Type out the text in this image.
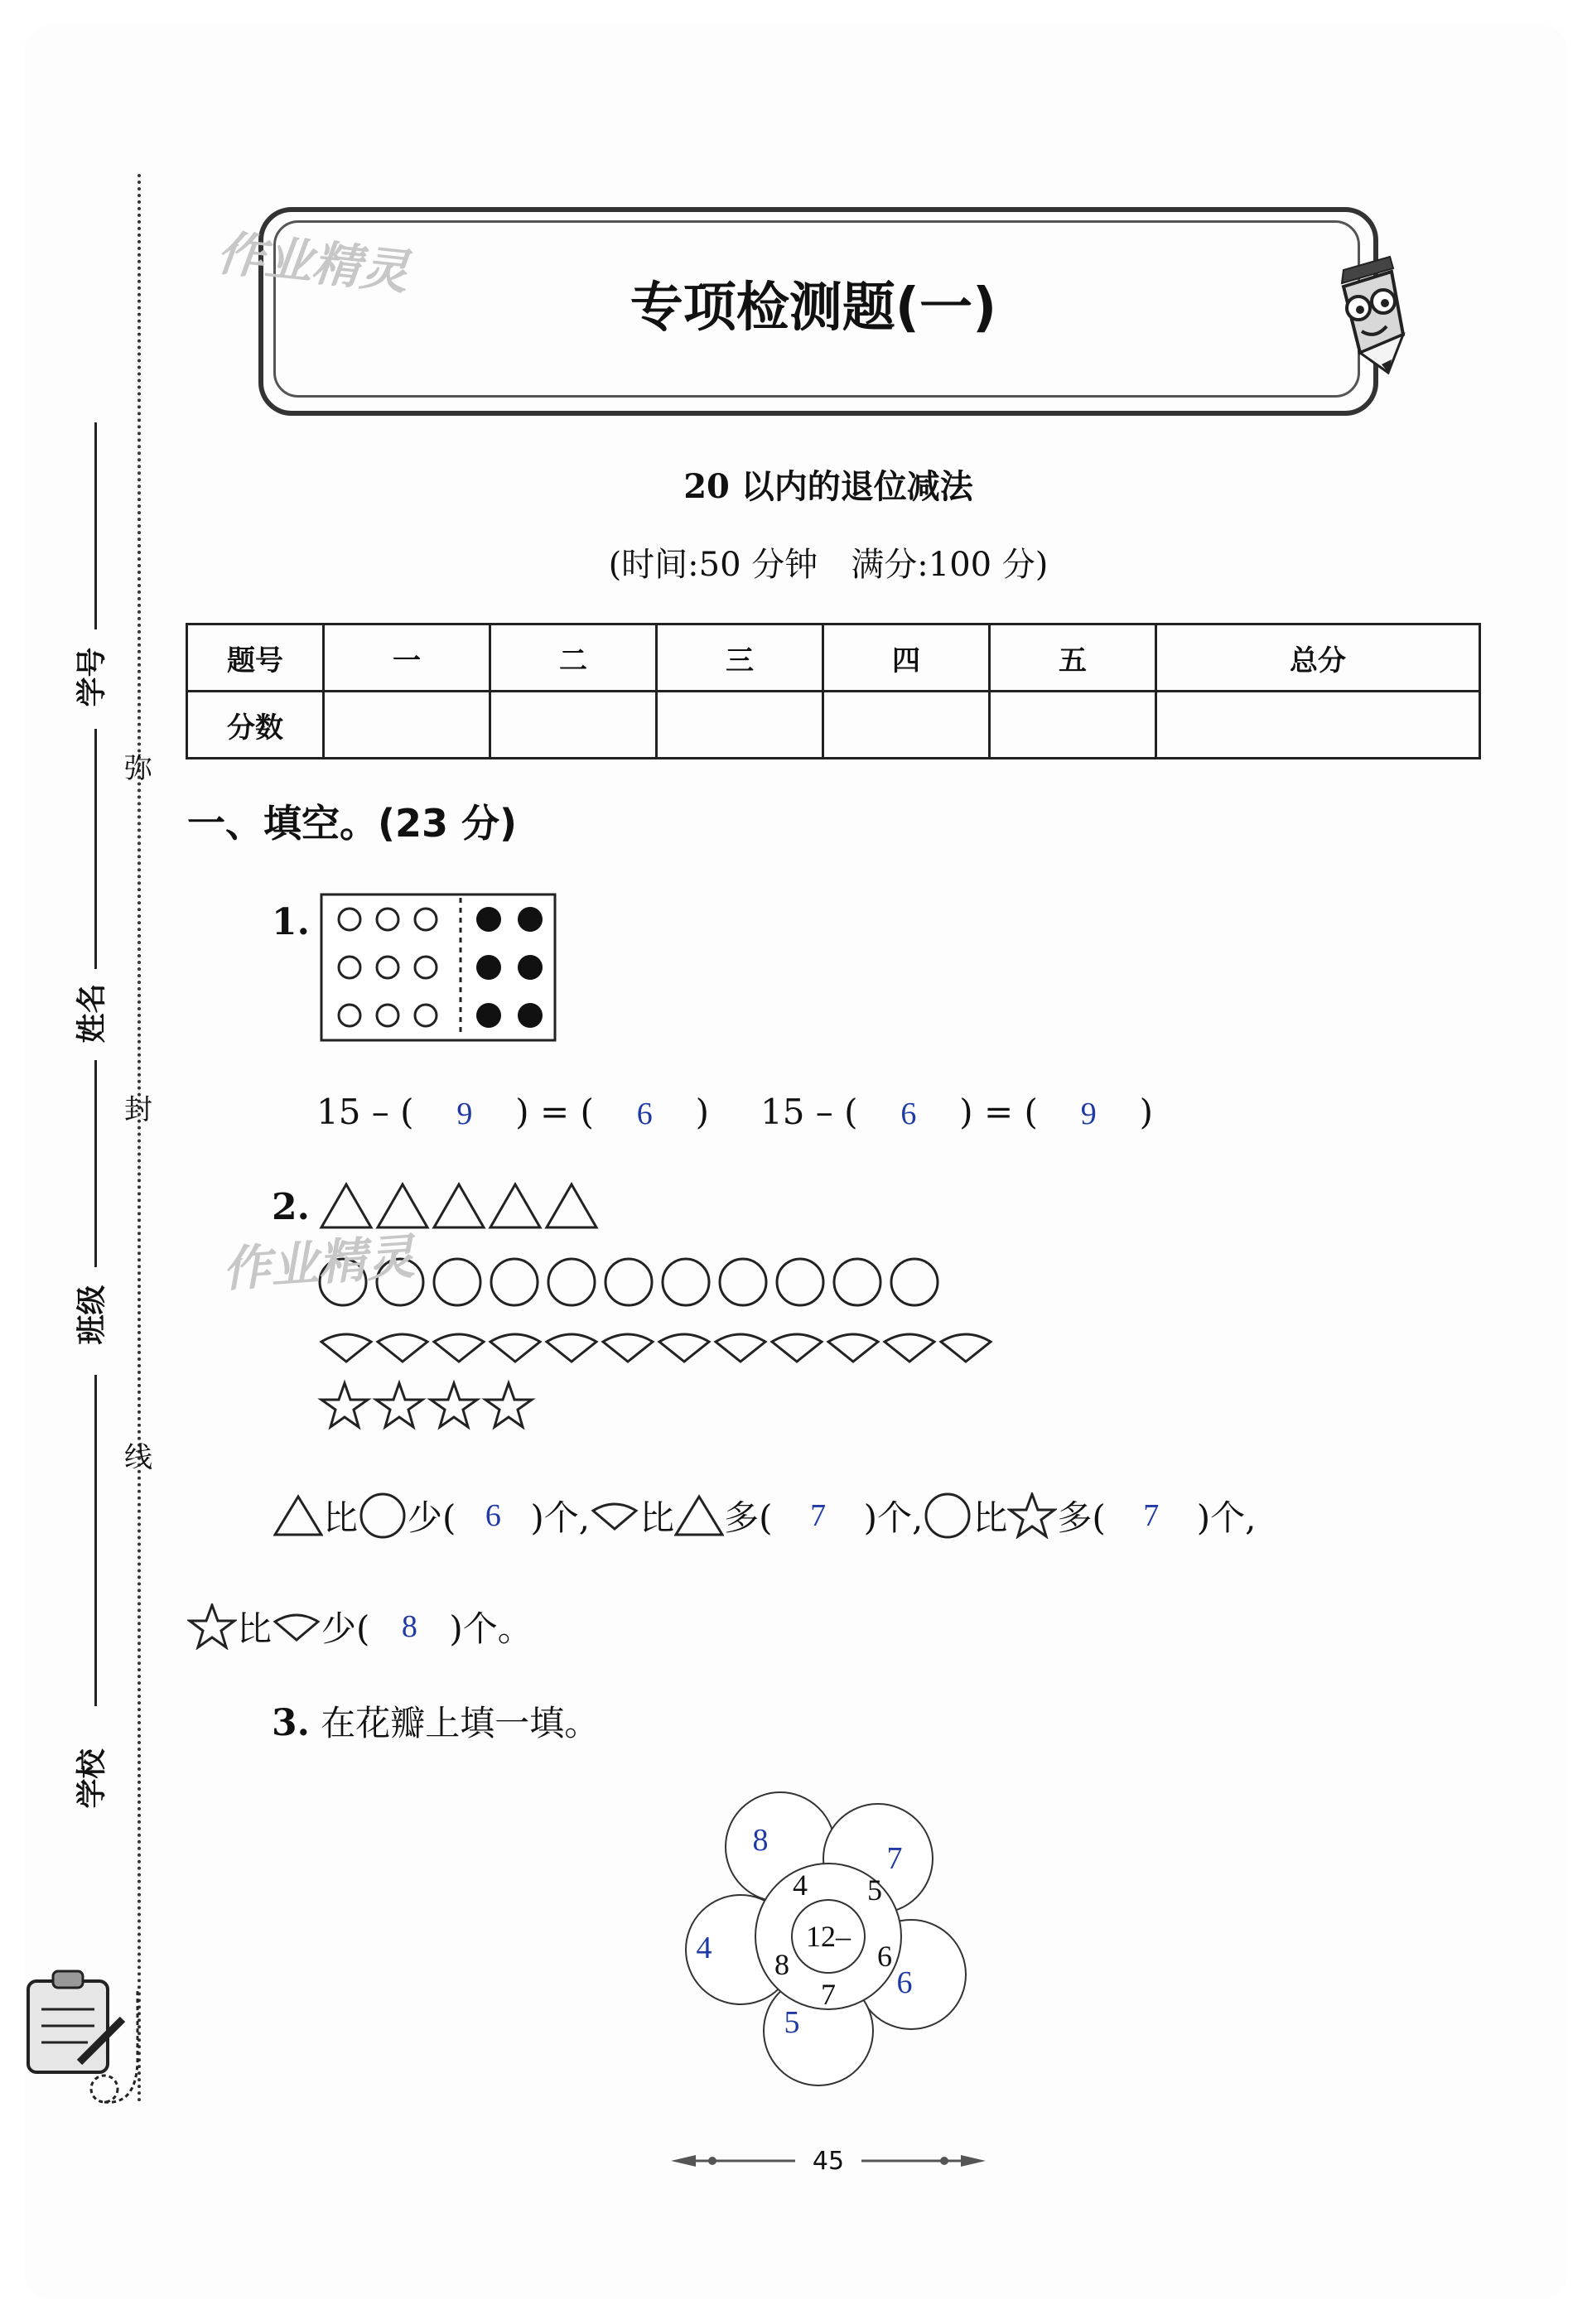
学号
姓名
班级
学校
弥
封
线
专项检测题(一)
作业精灵
20 以内的退位减法
(时间:50 分钟　满分:100 分)
题号	一	二	三	四	五	总分
分数						
一、填空。(23 分)
1.
15 – ( 9 ) = ( 6 ) 15 – ( 6 ) = ( 9 )
2.
作业精灵
比 少( 6 )个, 比 多(	7	)个, 比 多(	7	)个,
比 少(	8 )个。
3. 在花瓣上填一填。
12–
4 5
6
7
8
8
7
6
5
4
45
